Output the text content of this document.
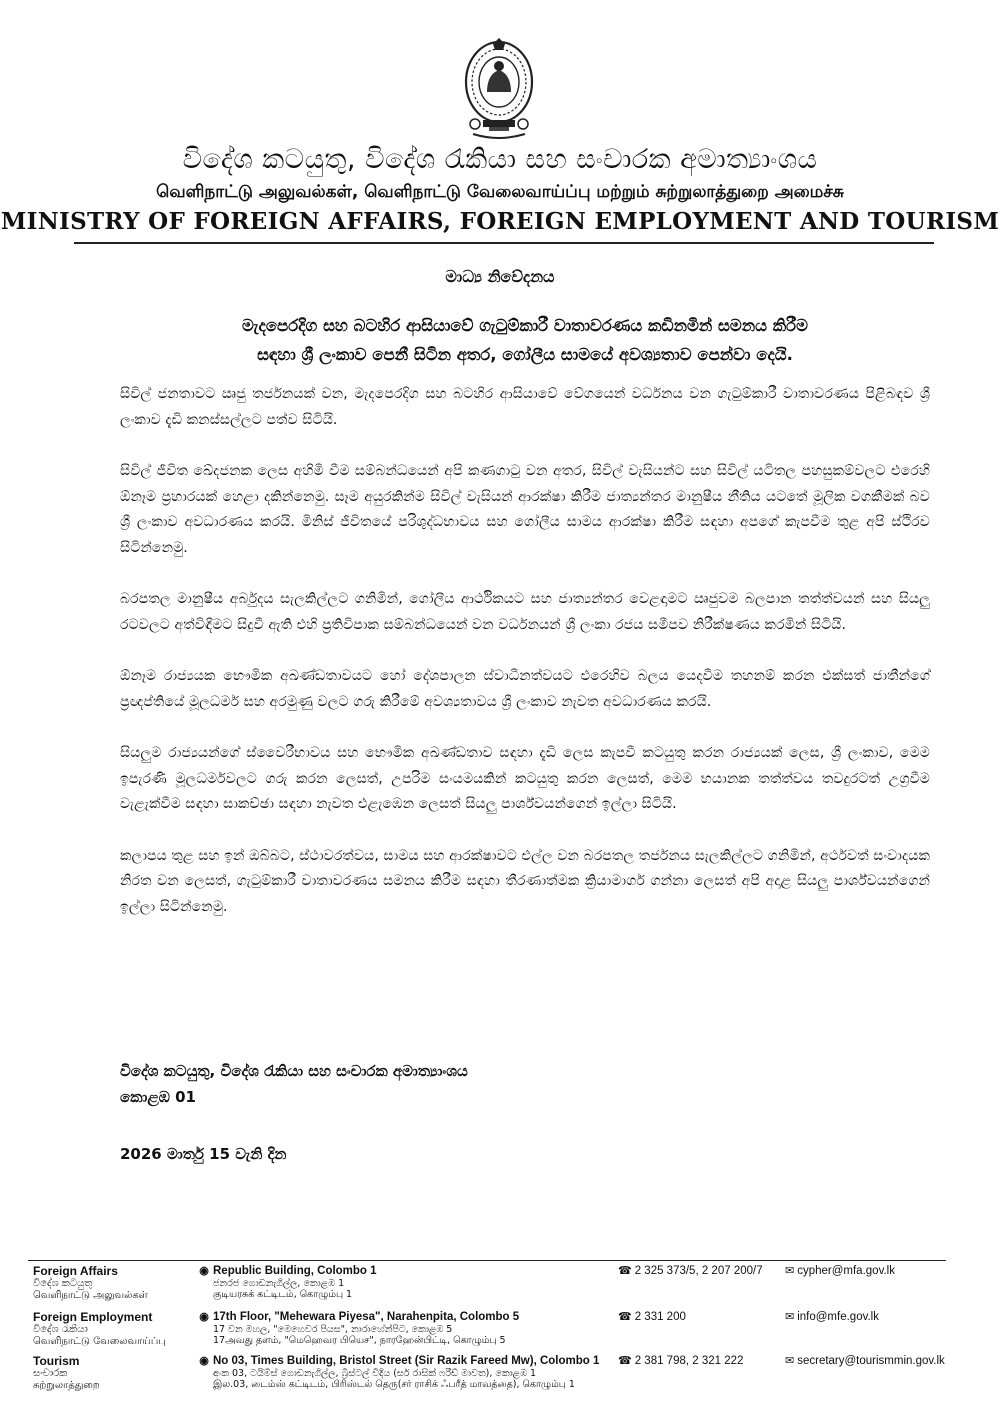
විදේශ කටයුතු, විදේශ රැකියා සහ සංචාරක අමාත්‍යාංශය
வெளிநாட்டு அலுவல்கள், வெளிநாட்டு வேலைவாய்ப்பு மற்றும் சுற்றுலாத்துறை அமைச்சு
MINISTRY OF FOREIGN AFFAIRS, FOREIGN EMPLOYMENT AND TOURISM
මාධ්‍ය නිවේදනය
මැදපෙරදිග සහ බටහිර ආසියාවේ ගැටුම්කාරී වාතාවරණය කඩිනමින් සමනය කිරීම
සඳහා ශ්‍රී ලංකාව පෙනී සිටින අතර, ගෝලීය සාමයේ අවශ්‍යතාව පෙන්වා දෙයි.

සිවිල් ජනතාවට ඍජු තර්ජනයක් වන, මැදපෙරදිග සහ බටහිර ආසියාවේ වේගයෙන් වර්ධනය වන ගැටුම්කාරී වාතාවරණය පිළිබඳව ශ්‍රී ලංකාව දැඩි කනස්සල්ලට පත්ව සිටියි.

සිවිල් ජීවිත ඛේදජනක ලෙස අහිමි වීම සම්බන්ධයෙන් අපි කණගාටු වන අතර, සිවිල් වැසියන්ට සහ සිවිල් යටිතල පහසුකම්වලට එරෙහි ඕනෑම ප්‍රහාරයක් හෙළා දකින්නෙමු. සෑම අයුරකින්ම සිවිල් වැසියන් ආරක්ෂා කිරීම ජාත්‍යන්තර මානුෂීය නීතිය යටතේ මූලික වගකීමක් බව ශ්‍රී ලංකාව අවධාරණය කරයි. මිනිස් ජීවිතයේ පරිශුද්ධභාවය සහ ගෝලීය සාමය ආරක්ෂා කිරීම සඳහා අපගේ කැපවීම තුළ අපි ස්ථිරව සිටින්නෙමු.

බරපතල මානුෂීය අර්බුදය සැලකිල්ලට ගනිමින්, ගෝලීය ආර්ථිකයට සහ ජාත්‍යන්තර වෙළඳාමට ඍජුවම බලපාන තත්ත්වයන් සහ සියලු රටවලට අත්විඳීමට සිදුවී ඇති එහි ප්‍රතිවිපාක සම්බන්ධයෙන් වන වර්ධනයන් ශ්‍රී ලංකා රජය සමීපව නිරීක්ෂණය කරමින් සිටියි.

ඕනෑම රාජ්‍යයක භෞමික අඛණ්ඩතාවයට හෝ දේශපාලන ස්වාධීනත්වයට එරෙහිව බලය යෙදවීම තහනම් කරන එක්සත් ජාතීන්ගේ ප්‍රඥප්තියේ මූලධර්ම සහ අරමුණු වලට ගරු කිරීමේ අවශ්‍යතාවය ශ්‍රී ලංකාව නැවත අවධාරණය කරයි.

සියලුම රාජ්‍යයන්ගේ ස්වෛරීභාවය සහ භෞමික අඛණ්ඩතාව සඳහා දැඩි ලෙස කැපවී කටයුතු කරන රාජ්‍යයක් ලෙස, ශ්‍රී ලංකාව, මෙම ඉපැරණි මූලධර්මවලට ගරු කරන ලෙසත්, උපරිම සංයමයකින් කටයුතු කරන ලෙසත්, මෙම භයානක තත්ත්වය තවදුරටත් උග්‍රවීම වැළැක්වීම සඳහා සාකච්ඡා සඳහා නැවත එළැඹෙන ලෙසත් සියලු පාර්ශ්වයන්ගෙන් ඉල්ලා සිටියි.

කලාපය තුළ සහ ඉන් ඔබ්බට, ස්ථාවරත්වය, සාමය සහ ආරක්ෂාවට එල්ල වන බරපතල තර්ජනය සැලකිල්ලට ගනිමින්, අර්ථවත් සංවාදයක නිරත වන ලෙසත්, ගැටුම්කාරී වාතාවරණය සමනය කිරීම සඳහා තීරණාත්මක ක්‍රියාමාර්ග ගන්නා ලෙසත් අපි අදාළ සියලු පාර්ශ්වයන්ගෙන් ඉල්ලා සිටින්නෙමු.

විදේශ කටයුතු, විදේශ රැකියා සහ සංචාරක අමාත්‍යාංශය
කොළඹ 01
2026 මාර්තු 15 වැනි දින
Foreign Affairs
විදේශ කටයුතු
வெளிநாட்டு அலுவல்கள்
◉ Republic Building, Colombo 1
ජනරජ ගොඩනැගිල්ල, කොළඹ 1
குடியரசுக் கட்டிடம், கொழும்பு 1
☎ 2 325 373/5, 2 207 200/7	✉ cypher@mfa.gov.lk
Foreign Employment
විදේශ රැකියා
வெளிநாட்டு வேலைவாய்ப்பு
◉ 17th Floor, "Mehewara Piyesa", Narahenpita, Colombo 5
17 වන මහල, "මෙහෙවර පියස", නාරාහේන්පිට, කොළඹ 5
17அவது தளம், "மெஹெவர பியெச", நாரஹேன்பிட்டி, கொழும்பு 5
☎ 2 331 200	✉ info@mfe.gov.lk
Tourism
සංචාරක
சுற்றுலாத்துறை
◉ No 03, Times Building, Bristol Street (Sir Razik Fareed Mw), Colombo 1
අංක 03, ටයිම්ස් ගොඩනැගිල්ල, බ්‍රිස්ටල් වීදිය (සර් රාසික් ෆරීඩ් මාවත), කොළඹ 1
இல.03, டைம்ஸ் கட்டிடம், பிரிஸ்டல் தெரு(சர் ராசிக் ஃபரீத் மாவத்தை), கொழும்பு 1
☎ 2 381 798, 2 321 222	✉ secretary@tourismmin.gov.lk
